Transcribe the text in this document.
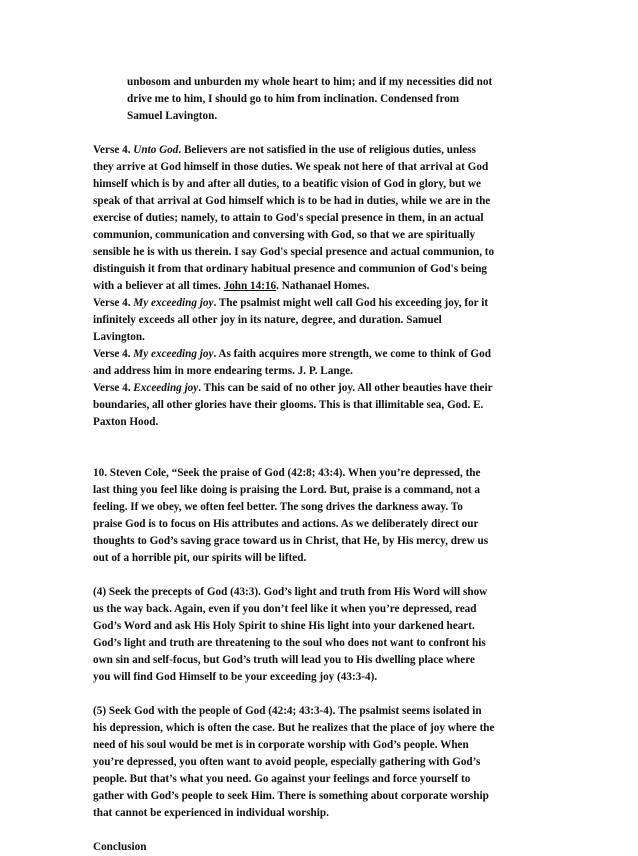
unbosom and unburden my whole heart to him; and if my necessities did not
drive me to him, I should go to him from inclination. Condensed from
Samuel Lavington.
Verse 4. Unto God. Believers are not satisfied in the use of religious duties, unless
they arrive at God himself in those duties. We speak not here of that arrival at God
himself which is by and after all duties, to a beatific vision of God in glory, but we
speak of that arrival at God himself which is to be had in duties, while we are in the
exercise of duties; namely, to attain to God's special presence in them, in an actual
communion, communication and conversing with God, so that we are spiritually
sensible he is with us therein. I say God's special presence and actual communion, to
distinguish it from that ordinary habitual presence and communion of God's being
with a believer at all times. John 14:16. Nathanael Homes.
Verse 4. My exceeding joy. The psalmist might well call God his exceeding joy, for it
infinitely exceeds all other joy in its nature, degree, and duration. Samuel
Lavington.
Verse 4. My exceeding joy. As faith acquires more strength, we come to think of God
and address him in more endearing terms. J. P. Lange.
Verse 4. Exceeding joy. This can be said of no other joy. All other beauties have their
boundaries, all other glories have their glooms. This is that illimitable sea, God. E.
Paxton Hood.
10. Steven Cole, “Seek the praise of God (42:8; 43:4). When you’re depressed, the
last thing you feel like doing is praising the Lord. But, praise is a command, not a
feeling. If we obey, we often feel better. The song drives the darkness away. To
praise God is to focus on His attributes and actions. As we deliberately direct our
thoughts to God’s saving grace toward us in Christ, that He, by His mercy, drew us
out of a horrible pit, our spirits will be lifted.
(4) Seek the precepts of God (43:3). God’s light and truth from His Word will show
us the way back. Again, even if you don’t feel like it when you’re depressed, read
God’s Word and ask His Holy Spirit to shine His light into your darkened heart.
God’s light and truth are threatening to the soul who does not want to confront his
own sin and self-focus, but God’s truth will lead you to His dwelling place where
you will find God Himself to be your exceeding joy (43:3-4).
(5) Seek God with the people of God (42:4; 43:3-4). The psalmist seems isolated in
his depression, which is often the case. But he realizes that the place of joy where the
need of his soul would be met is in corporate worship with God’s people. When
you’re depressed, you often want to avoid people, especially gathering with God’s
people. But that’s what you need. Go against your feelings and force yourself to
gather with God’s people to seek Him. There is something about corporate worship
that cannot be experienced in individual worship.
Conclusion
